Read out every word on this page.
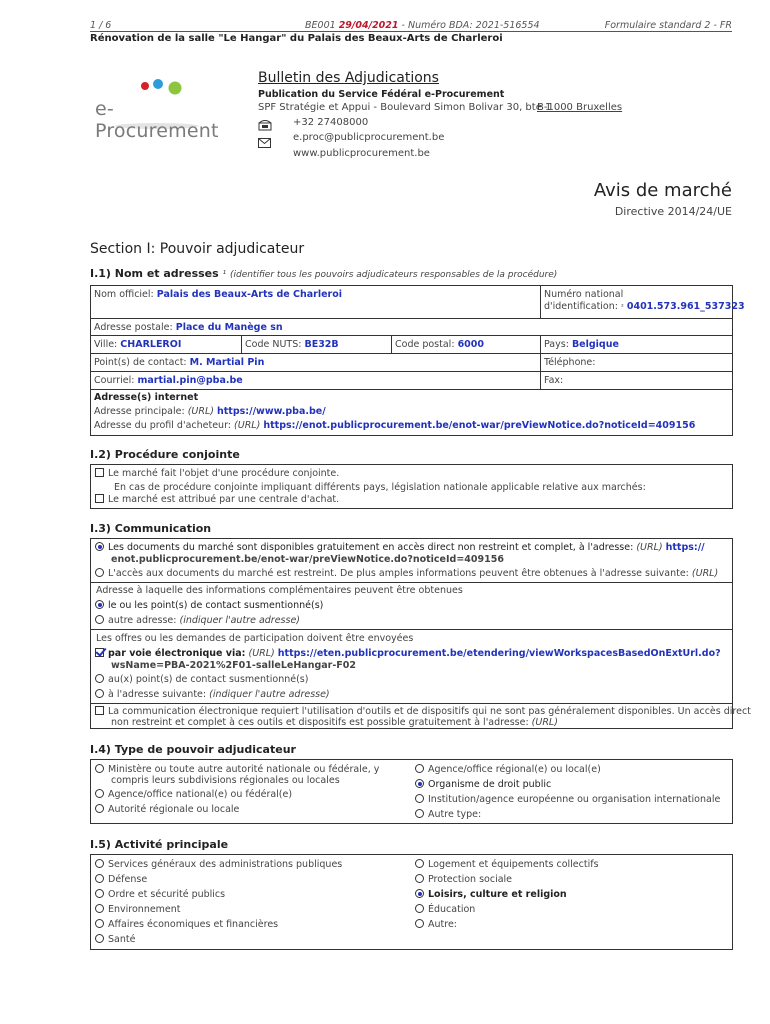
1 / 6	BE001 29/04/2021 - Numéro BDA: 2021-516554	Formulaire standard 2 - FR
Rénovation de la salle "Le Hangar" du Palais des Beaux-Arts de Charleroi
e-Procurement
Bulletin des Adjudications
Publication du Service Fédéral e-Procurement
SPF Stratégie et Appui - Boulevard Simon Bolivar 30, bte 1
B-1000 Bruxelles
+32 27408000
e.proc@publicprocurement.be
www.publicprocurement.be
Avis de marché
Directive 2014/24/UE
Section I: Pouvoir adjudicateur
I.1) Nom et adresses ¹ (identifier tous les pouvoirs adjudicateurs responsables de la procédure)
Nom officiel: Palais des Beaux-Arts de Charleroi	Numéro national
d'identification: ² 0401.573.961_537323
Adresse postale: Place du Manège sn
Ville: CHARLEROI	Code NUTS: BE32B	Code postal: 6000	Pays: Belgique
Point(s) de contact: M. Martial Pin	Téléphone:
Courriel: martial.pin@pba.be	Fax:
Adresse(s) internet
Adresse principale: (URL) https://www.pba.be/
Adresse du profil d'acheteur: (URL) https://enot.publicprocurement.be/enot-war/preViewNotice.do?noticeId=409156
I.2) Procédure conjointe
Le marché fait l'objet d'une procédure conjointe.
En cas de procédure conjointe impliquant différents pays, législation nationale applicable relative aux marchés:
Le marché est attribué par une centrale d'achat.
I.3) Communication
Les documents du marché sont disponibles gratuitement en accès direct non restreint et complet, à l'adresse: (URL) https://
enot.publicprocurement.be/enot-war/preViewNotice.do?noticeId=409156
L'accès aux documents du marché est restreint. De plus amples informations peuvent être obtenues à l'adresse suivante: (URL)
Adresse à laquelle des informations complémentaires peuvent être obtenues
le ou les point(s) de contact susmentionné(s)
autre adresse: (indiquer l'autre adresse)
Les offres ou les demandes de participation doivent être envoyées
par voie électronique via: (URL) https://eten.publicprocurement.be/etendering/viewWorkspacesBasedOnExtUrl.do?
wsName=PBA-2021%2F01-salleLeHangar-F02
au(x) point(s) de contact susmentionné(s)
à l'adresse suivante: (indiquer l'autre adresse)
La communication électronique requiert l'utilisation d'outils et de dispositifs qui ne sont pas généralement disponibles. Un accès direct
non restreint et complet à ces outils et dispositifs est possible gratuitement à l'adresse: (URL)
I.4) Type de pouvoir adjudicateur
Ministère ou toute autre autorité nationale ou fédérale, y
compris leurs subdivisions régionales ou locales
Agence/office national(e) ou fédéral(e)
Autorité régionale ou locale
Agence/office régional(e) ou local(e)
Organisme de droit public
Institution/agence européenne ou organisation internationale
Autre type:
I.5) Activité principale
Services généraux des administrations publiques
Défense
Ordre et sécurité publics
Environnement
Affaires économiques et financières
Santé
Logement et équipements collectifs
Protection sociale
Loisirs, culture et religion
Éducation
Autre:
